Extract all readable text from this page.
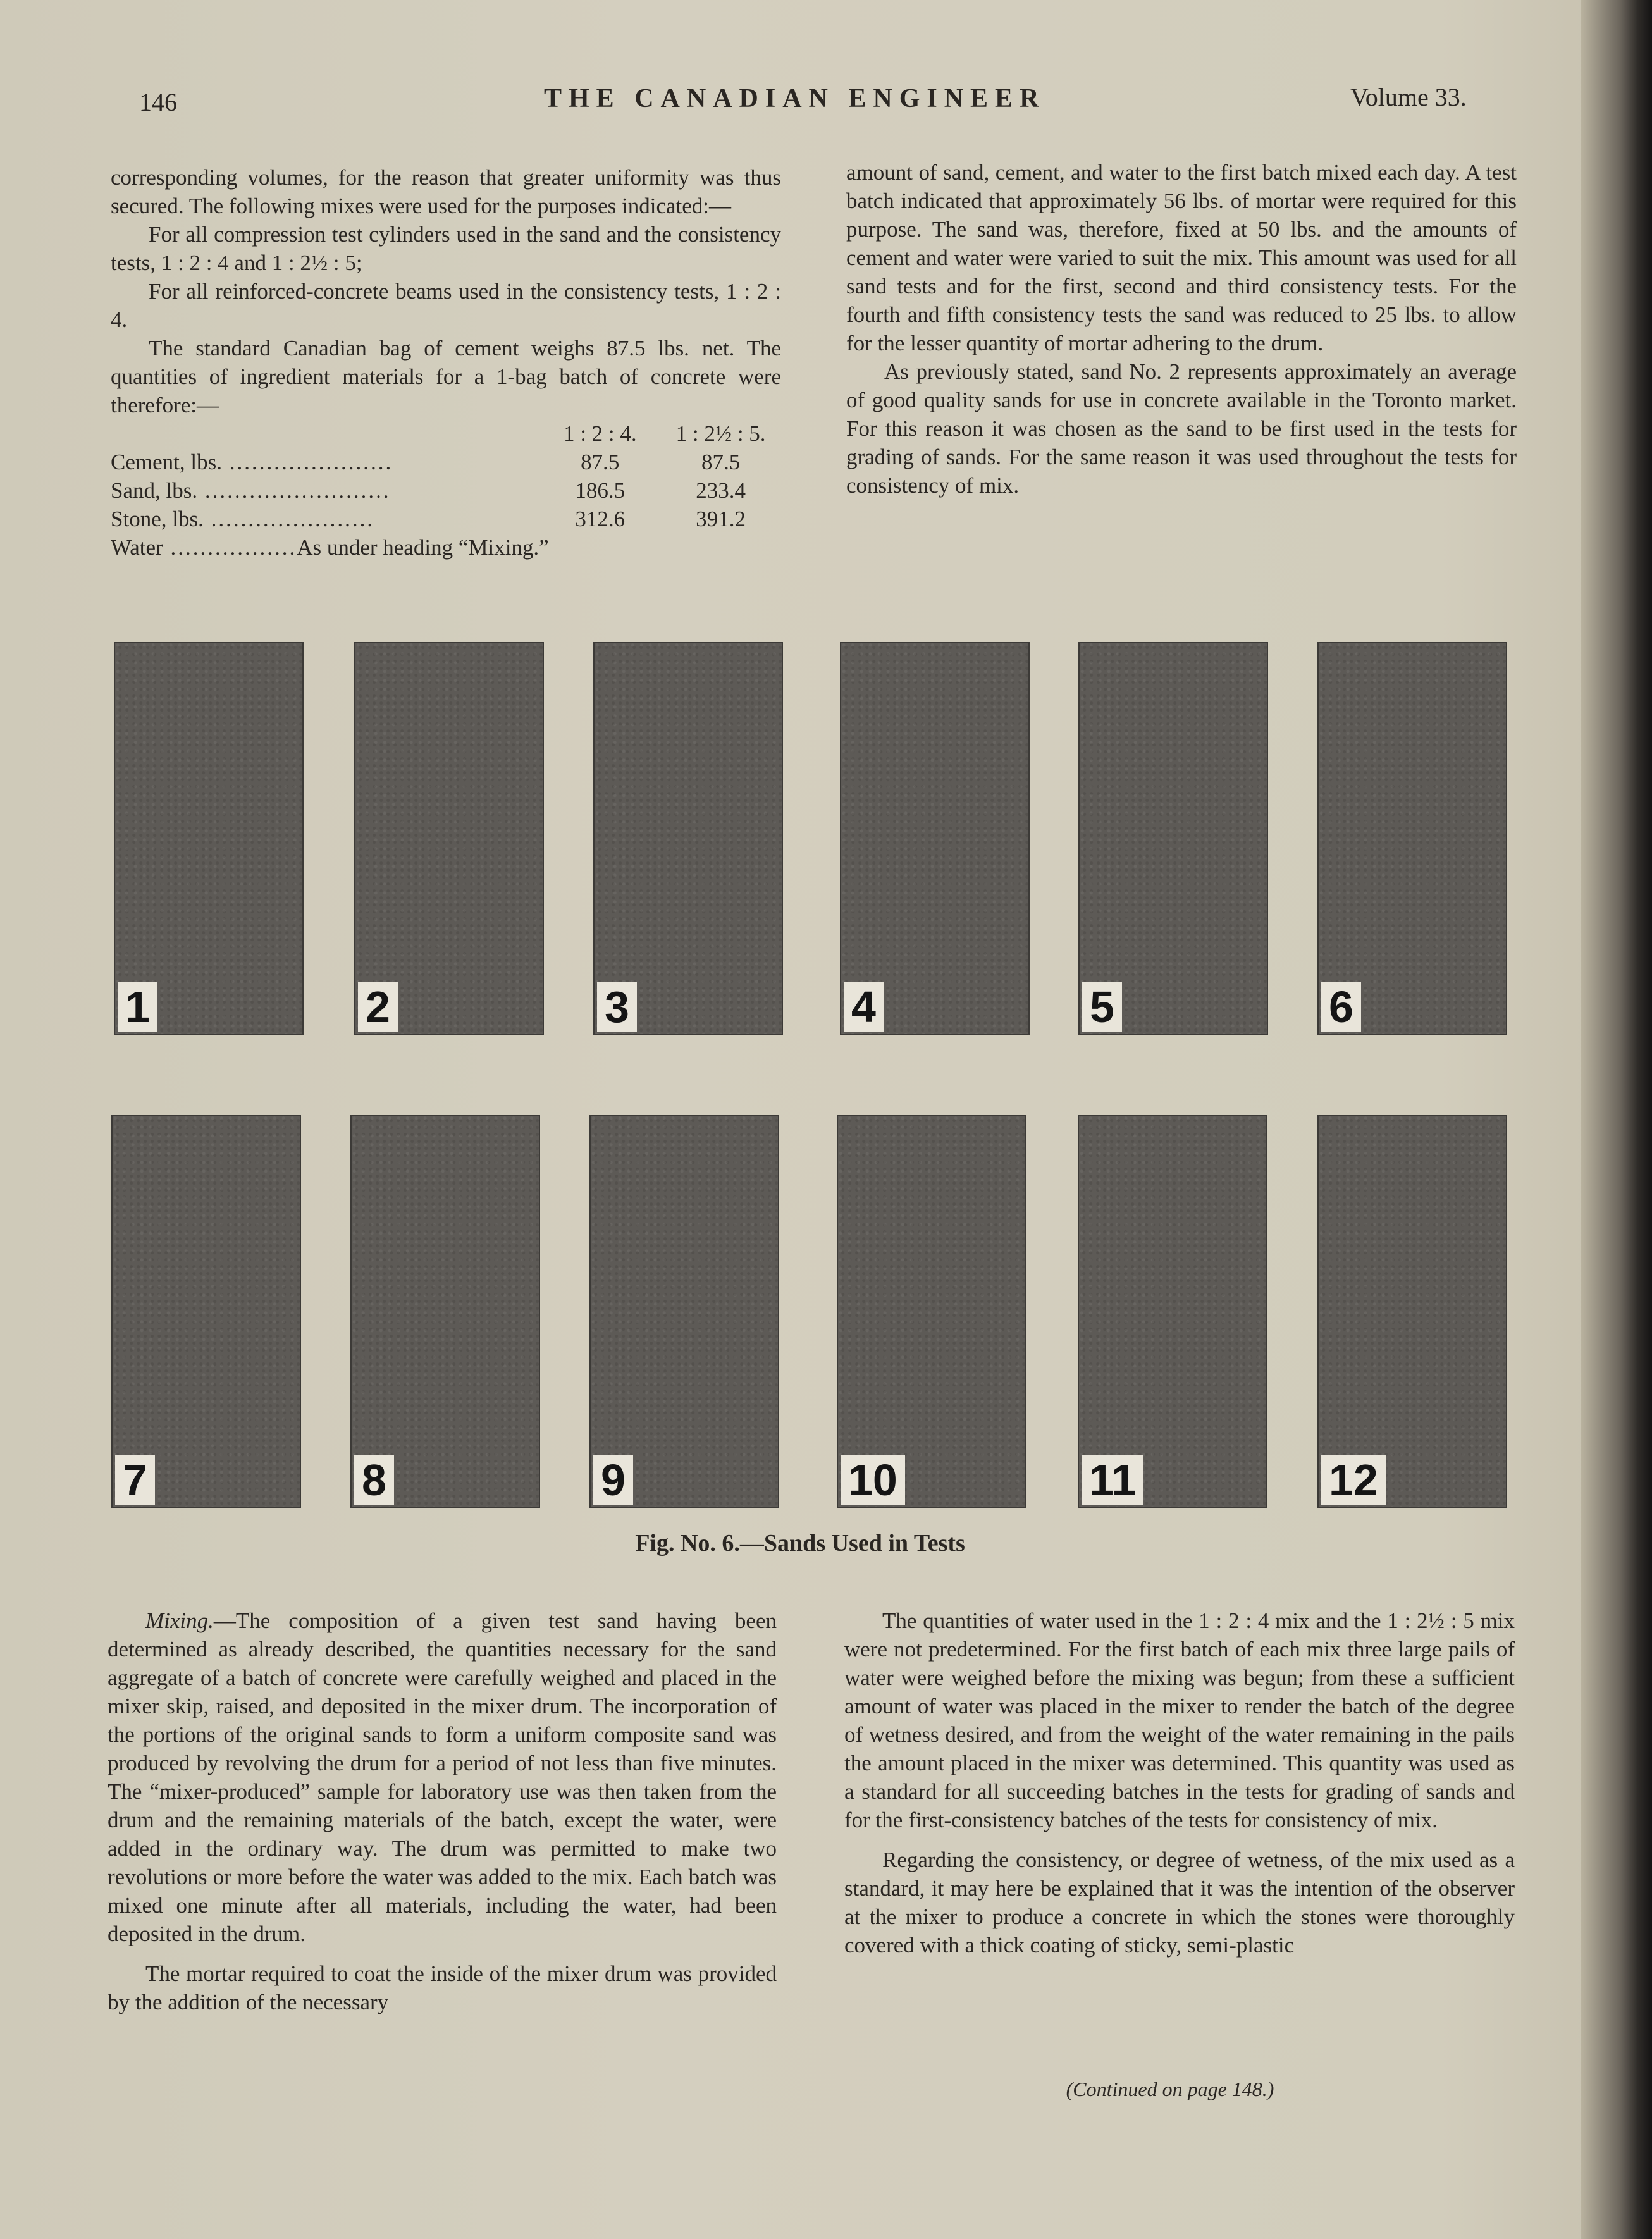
146	THE CANADIAN ENGINEER	Volume 33.

corresponding volumes, for the reason that greater uniformity was thus secured. The following mixes were used for the purposes indicated:—

For all compression test cylinders used in the sand and the consistency tests, 1 : 2 : 4 and 1 : 2½ : 5;

For all reinforced-concrete beams used in the consistency tests, 1 : 2 : 4.

The standard Canadian bag of cement weighs 87.5 lbs. net. The quantities of ingredient materials for a 1-bag batch of concrete were therefore:—

	1 : 2 : 4.	1 : 2½ : 5.
Cement, lbs. ......................	87.5	87.5
Sand, lbs. .........................	186.5	233.4
Stone, lbs. ......................	312.6	391.2
Water .................As under heading “Mixing.”		

amount of sand, cement, and water to the first batch mixed each day. A test batch indicated that approximately 56 lbs. of mortar were required for this purpose. The sand was, therefore, fixed at 50 lbs. and the amounts of cement and water were varied to suit the mix. This amount was used for all sand tests and for the first, second and third consistency tests. For the fourth and fifth consistency tests the sand was reduced to 25 lbs. to allow for the lesser quantity of mortar adhering to the drum.

As previously stated, sand No. 2 represents approximately an average of good quality sands for use in concrete available in the Toronto market. For this reason it was chosen as the sand to be first used in the tests for grading of sands. For the same reason it was used throughout the tests for consistency of mix.

1	2	3	4	5	6
7	8	9	10	11	12
Fig. No. 6.—Sands Used in Tests

Mixing.—The composition of a given test sand having been determined as already described, the quantities necessary for the sand aggregate of a batch of concrete were carefully weighed and placed in the mixer skip, raised, and deposited in the mixer drum. The incorporation of the portions of the original sands to form a uniform composite sand was produced by revolving the drum for a period of not less than five minutes. The “mixer-produced” sample for laboratory use was then taken from the drum and the remaining materials of the batch, except the water, were added in the ordinary way. The drum was permitted to make two revolutions or more before the water was added to the mix. Each batch was mixed one minute after all materials, including the water, had been deposited in the drum.

The mortar required to coat the inside of the mixer drum was provided by the addition of the necessary

The quantities of water used in the 1 : 2 : 4 mix and the 1 : 2½ : 5 mix were not predetermined. For the first batch of each mix three large pails of water were weighed before the mixing was begun; from these a sufficient amount of water was placed in the mixer to render the batch of the degree of wetness desired, and from the weight of the water remaining in the pails the amount placed in the mixer was determined. This quantity was used as a standard for all succeeding batches in the tests for grading of sands and for the first-consistency batches of the tests for consistency of mix.

Regarding the consistency, or degree of wetness, of the mix used as a standard, it may here be explained that it was the intention of the observer at the mixer to produce a concrete in which the stones were thoroughly covered with a thick coating of sticky, semi-plastic

(Continued on page 148.)
